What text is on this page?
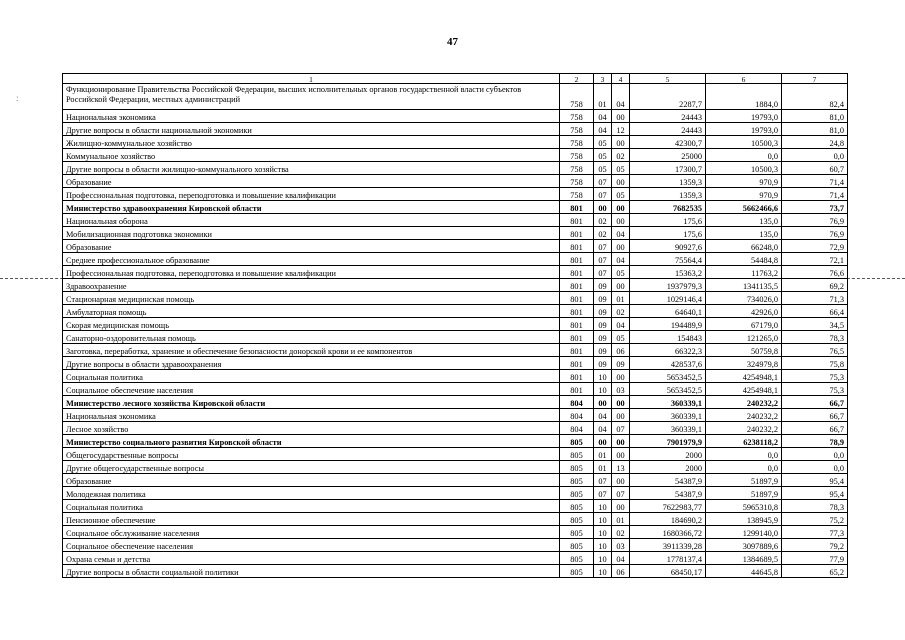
47
:
1	2	3	4	5	6	7
Функционирование Правительства Российской Федерации, высших исполнительных органов государственной власти субъектов Российской Федерации, местных администраций	758	01	04	2287,7	1884,0	82,4
Национальная экономика	758	04	00	24443	19793,0	81,0
Другие вопросы в области национальной экономики	758	04	12	24443	19793,0	81,0
Жилищно-коммунальное хозяйство	758	05	00	42300,7	10500,3	24,8
Коммунальное хозяйство	758	05	02	25000	0,0	0,0
Другие вопросы в области жилищно-коммунального хозяйства	758	05	05	17300,7	10500,3	60,7
Образование	758	07	00	1359,3	970,9	71,4
Профессиональная подготовка, переподготовка и повышение квалификации	758	07	05	1359,3	970,9	71,4
Министерство здравоохранения Кировской области	801	00	00	7682535	5662466,6	73,7
Национальная оборона	801	02	00	175,6	135,0	76,9
Мобилизационная подготовка экономики	801	02	04	175,6	135,0	76,9
Образование	801	07	00	90927,6	66248,0	72,9
Среднее профессиональное образование	801	07	04	75564,4	54484,8	72,1
Профессиональная подготовка, переподготовка и повышение квалификации	801	07	05	15363,2	11763,2	76,6
Здравоохранение	801	09	00	1937979,3	1341135,5	69,2
Стационарная медицинская помощь	801	09	01	1029146,4	734026,0	71,3
Амбулаторная помощь	801	09	02	64640,1	42926,0	66,4
Скорая медицинская помощь	801	09	04	194489,9	67179,0	34,5
Санаторно-оздоровительная помощь	801	09	05	154843	121265,0	78,3
Заготовка, переработка, хранение и обеспечение безопасности донорской крови и ее компонентов	801	09	06	66322,3	50759,8	76,5
Другие вопросы в области здравоохранения	801	09	09	428537,6	324979,8	75,8
Социальная политика	801	10	00	5653452,5	4254948,1	75,3
Социальное обеспечение населения	801	10	03	5653452,5	4254948,1	75,3
Министерство лесного хозяйства Кировской области	804	00	00	360339,1	240232,2	66,7
Национальная экономика	804	04	00	360339,1	240232,2	66,7
Лесное хозяйство	804	04	07	360339,1	240232,2	66,7
Министерство социального развития Кировской области	805	00	00	7901979,9	6238118,2	78,9
Общегосударственные вопросы	805	01	00	2000	0,0	0,0
Другие общегосударственные вопросы	805	01	13	2000	0,0	0,0
Образование	805	07	00	54387,9	51897,9	95,4
Молодежная политика	805	07	07	54387,9	51897,9	95,4
Социальная политика	805	10	00	7622983,77	5965310,8	78,3
Пенсионное обеспечение	805	10	01	184690,2	138945,9	75,2
Социальное обслуживание населения	805	10	02	1680366,72	1299140,0	77,3
Социальное обеспечение населения	805	10	03	3911339,28	3097889,6	79,2
Охрана семьи и детства	805	10	04	1778137,4	1384689,5	77,9
Другие вопросы в области социальной политики	805	10	06	68450,17	44645,8	65,2
